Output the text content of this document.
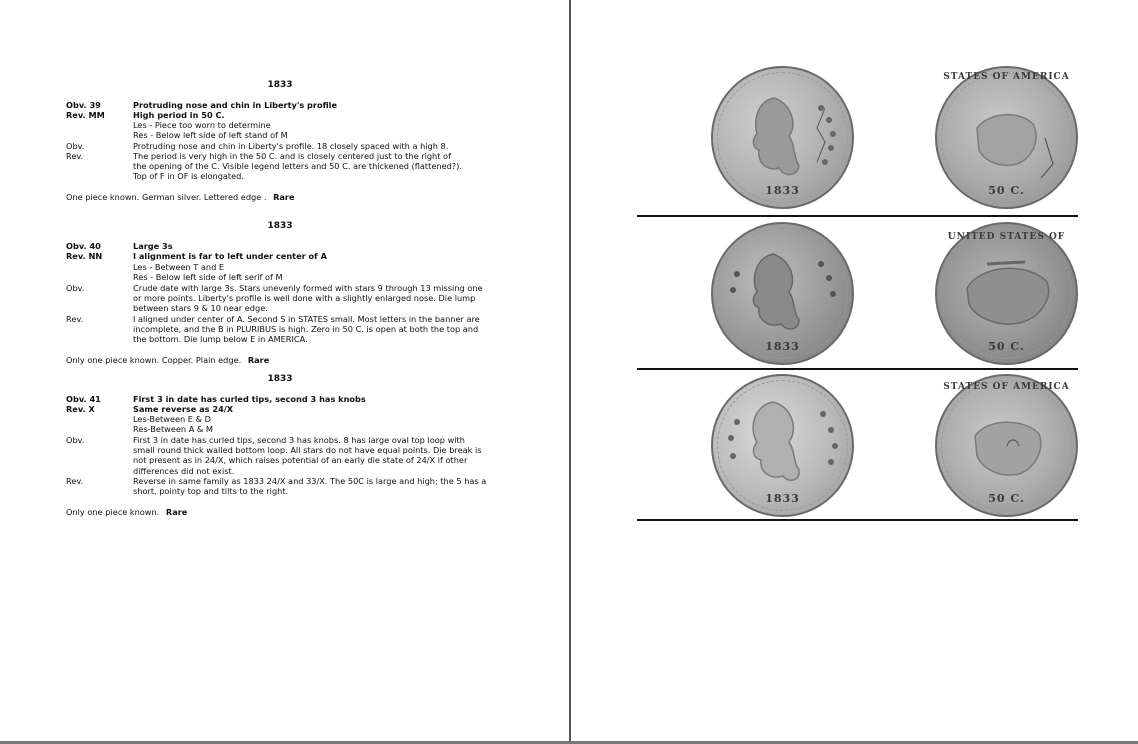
1833
Obv. 39	Protruding nose and chin in Liberty's profile
Rev. MM	High period in 50 C.
Les - Piece too worn to determine
Res - Below left side of left stand of M
Obv.	Protruding nose and chin in Liberty's profile. 18 closely spaced with a high 8.
Rev.	The period is very high in the 50 C. and is closely centered just to the right of the opening of the C. Visible legend letters and 50 C. are thickened (flattened?). Top of F in OF is elongated.
One piece known. German silver. Lettered edge . Rare
1833
Obv. 40	Large 3s
Rev. NN	I alignment is far to left under center of A
Les - Between T and E
Res - Below left side of left serif of M
Obv.	Crude date with large 3s. Stars unevenly formed with stars 9 through 13 missing one or more points. Liberty's profile is well done with a slightly enlarged nose. Die lump between stars 9 & 10 near edge.
Rev.	I aligned under center of A. Second S in STATES small. Most letters in the banner are incomplete, and the B in PLURIBUS is high. Zero in 50 C. is open at both the top and the bottom. Die lump below E in AMERICA.
Only one piece known. Copper. Plain edge. Rare
1833
Obv. 41	First 3 in date has curled tips, second 3 has knobs
Rev. X	Same reverse as 24/X
Les-Between E & D
Res-Between A & M
Obv.	First 3 in date has curled tips, second 3 has knobs. 8 has large oval top loop with small round thick walled bottom loop. All stars do not have equal points. Die break is not present as in 24/X, which raises potential of an early die state of 24/X if other differences did not exist.
Rev.	Reverse in same family as 1833 24/X and 33/X. The 50C is large and high; the 5 has a short, pointy top and tilts to the right.
Only one piece known. Rare
1833
STATES OF AMERICA
50 C.
1833
UNITED STATES OF
50 C.
1833
STATES OF AMERICA
50 C.
